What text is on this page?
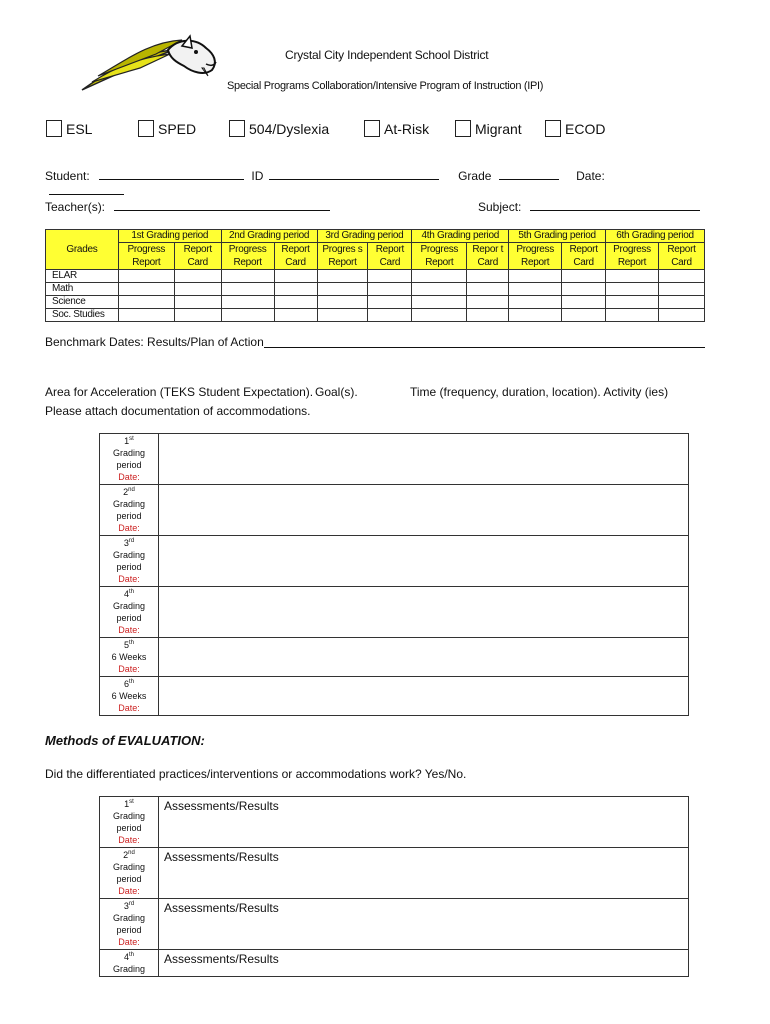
Crystal City Independent School District
Special Programs Collaboration/Intensive Program of Instruction (IPI)
ESL	SPED	504/Dyslexia	At-Risk	Migrant	ECOD
Student:	ID	Grade	Date:
Teacher(s):	Subject:
Grades	1st Grading period		2nd Grading period		3rd Grading period		4th Grading period		5th Grading period		6th Grading period	
	Progress Report	Report Card	Progress Report	Report Card	Progres s Report	Report Card	Progress Report	Repor t Card	Progress Report	Report Card	Progress Report	Report Card

ELAR												
Math												
Science												
Soc. Studies												
Benchmark Dates: Results/Plan of Action
Area for Acceleration (TEKS Student Expectation). Goal(s).	Time (frequency, duration, location). Activity (ies)
Please attach documentation of accommodations.
1st
Grading period
Date:	
2nd
Grading period
Date:	
3rd
Grading period
Date:	
4th
Grading period
Date:	
5th
6 Weeks
Date:	
6th
6 Weeks
Date:	
Methods of EVALUATION:
Did the differentiated practices/interventions or accommodations work? Yes/No.
1st
Grading period
Date:	Assessments/Results
2nd
Grading period
Date:	Assessments/Results
3rd
Grading period
Date:	Assessments/Results
4th
Grading	Assessments/Results
